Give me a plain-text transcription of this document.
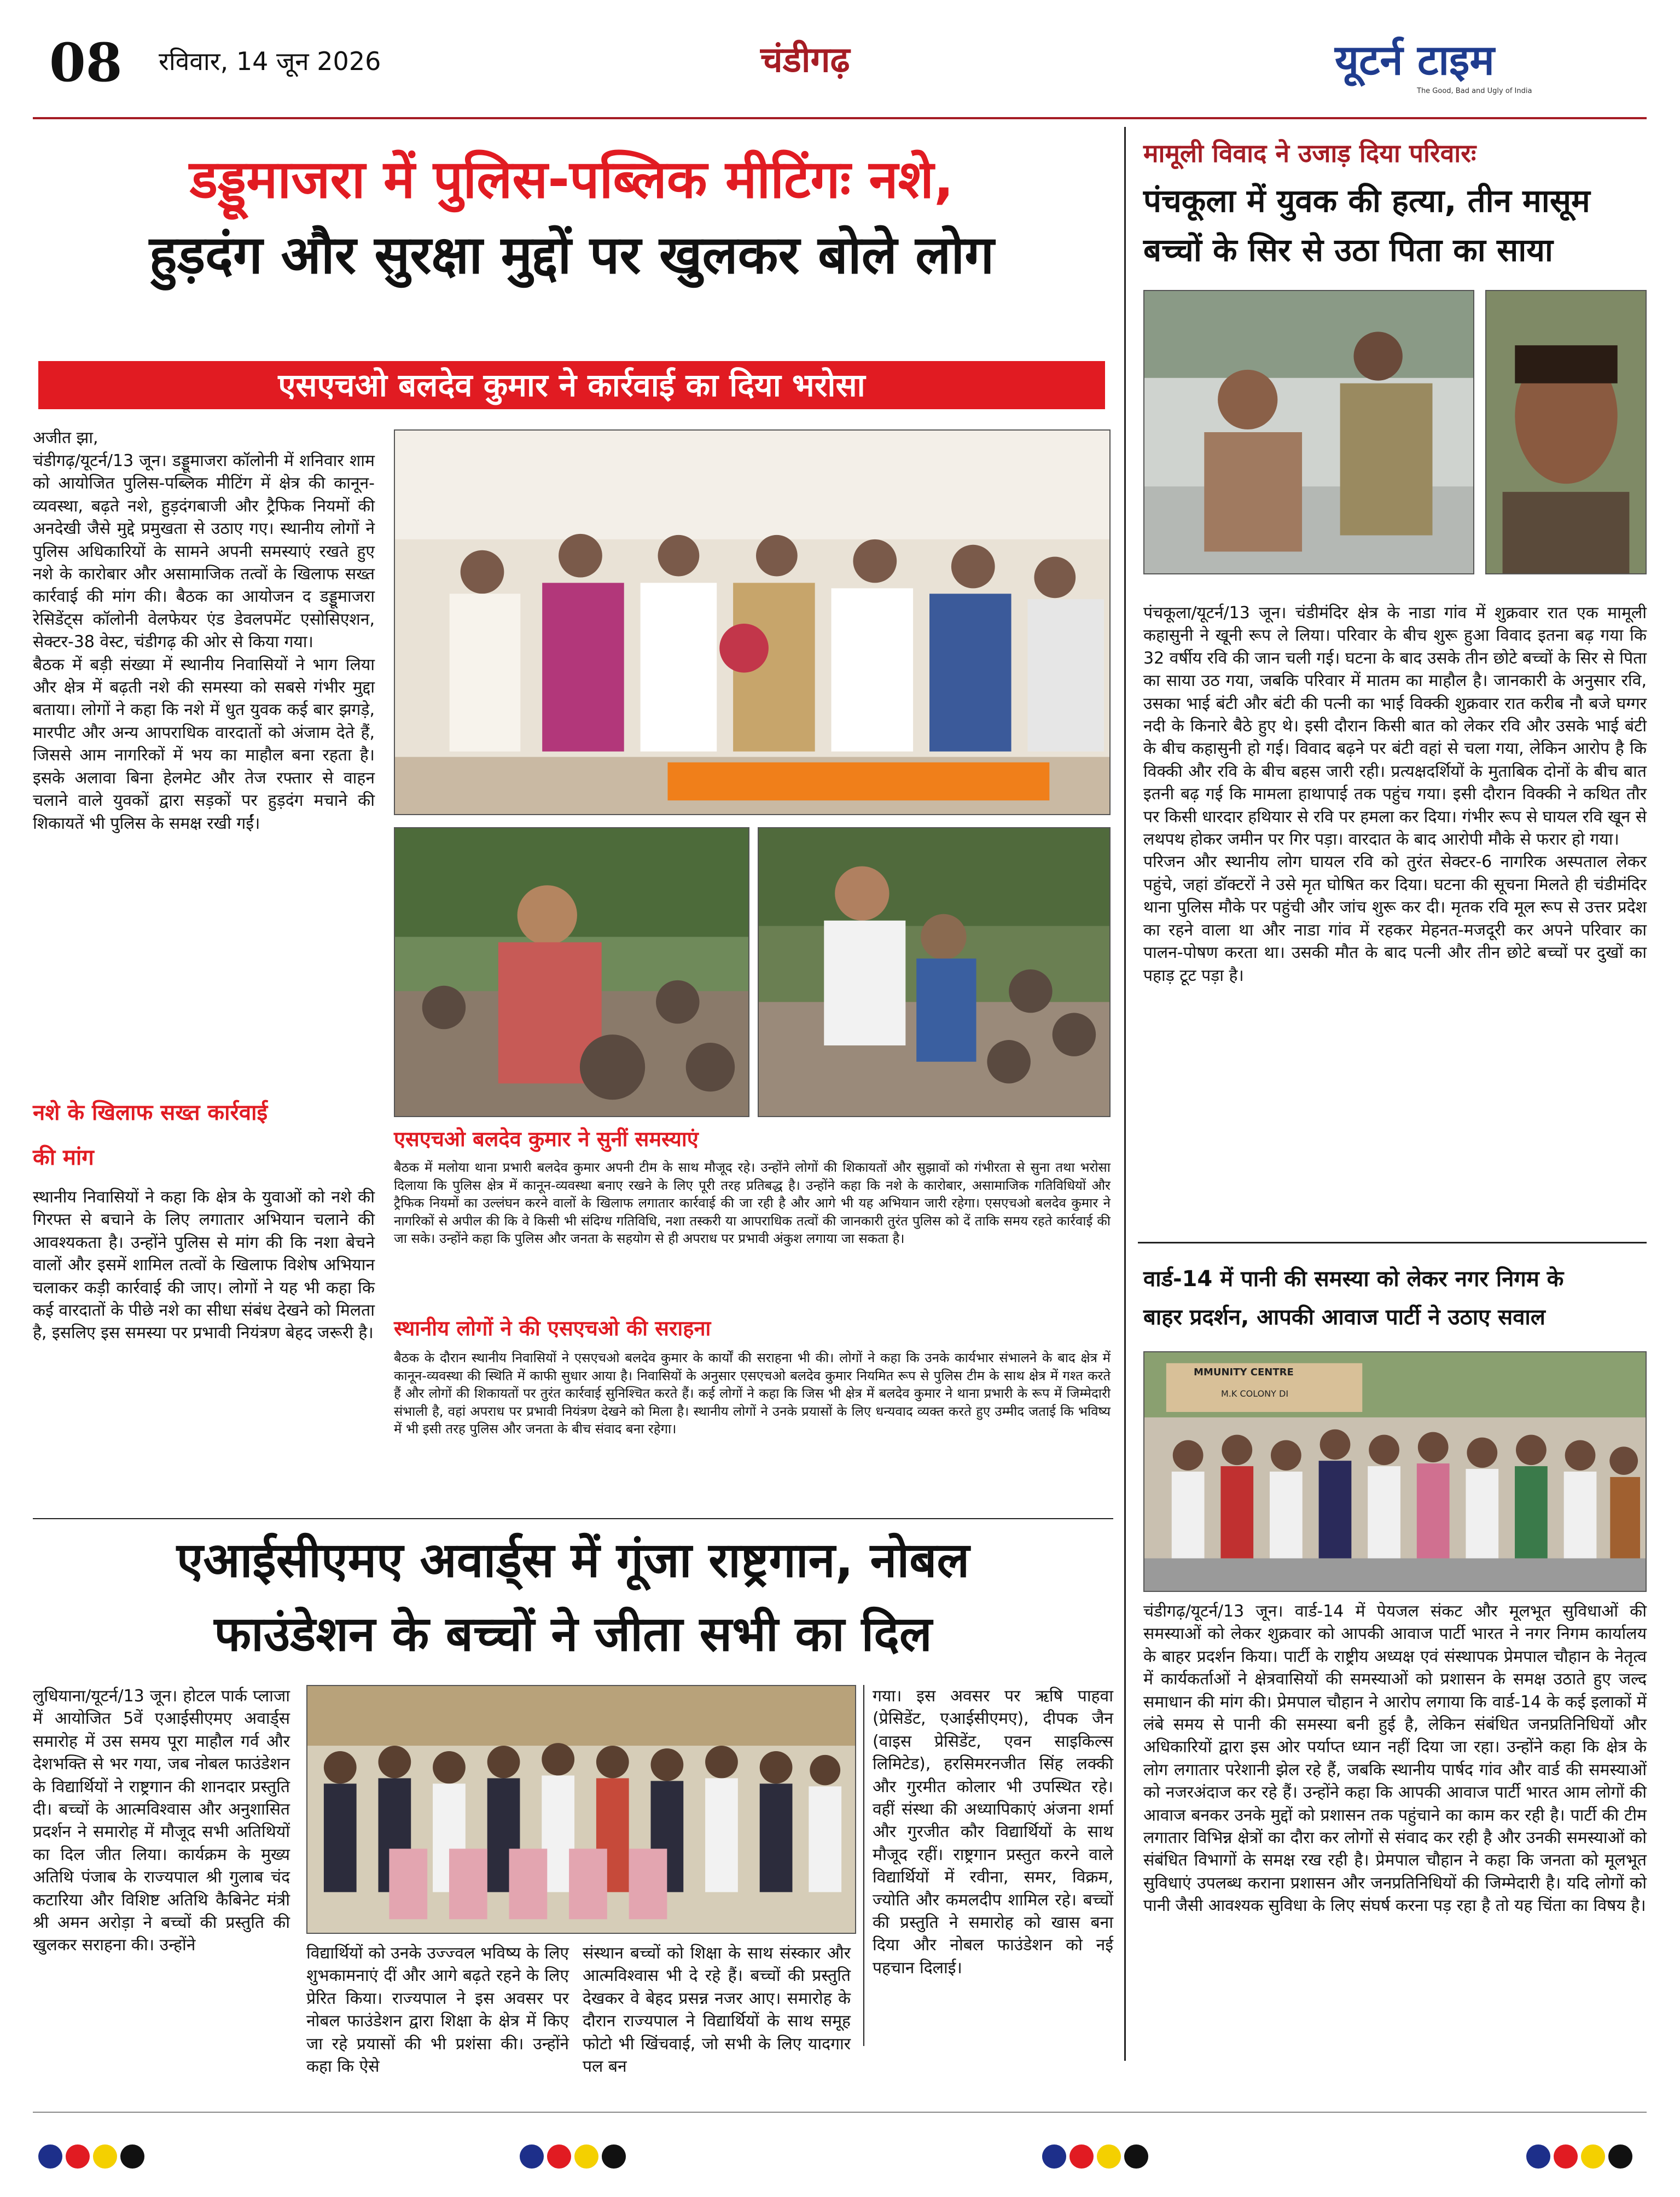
08 रविवार, 14 जून 2026	चंडीगढ़	यूटर्न टाइम
The Good, Bad and Ugly of India
डड्डूमाजरा में पुलिस-पब्लिक मीटिंगः नशे,
हुड़दंग और सुरक्षा मुद्दों पर खुलकर बोले लोग
एसएचओ बलदेव कुमार ने कार्रवाई का दिया भरोसा
अजीत झा,
चंडीगढ़/यूटर्न/13 जून। डड्डूमाजरा कॉलोनी में शनिवार शाम को आयोजित पुलिस-पब्लिक मीटिंग में क्षेत्र की कानून-व्यवस्था, बढ़ते नशे, हुड़दंगबाजी और ट्रैफिक नियमों की अनदेखी जैसे मुद्दे प्रमुखता से उठाए गए। स्थानीय लोगों ने पुलिस अधिकारियों के सामने अपनी समस्याएं रखते हुए नशे के कारोबार और असामाजिक तत्वों के खिलाफ सख्त कार्रवाई की मांग की। बैठक का आयोजन द डड्डूमाजरा रेसिडेंट्स कॉलोनी वेलफेयर एंड डेवलपमेंट एसोसिएशन, सेक्टर-38 वेस्ट, चंडीगढ़ की ओर से किया गया।
बैठक में बड़ी संख्या में स्थानीय निवासियों ने भाग लिया और क्षेत्र में बढ़ती नशे की समस्या को सबसे गंभीर मुद्दा बताया। लोगों ने कहा कि नशे में धुत युवक कई बार झगड़े, मारपीट और अन्य आपराधिक वारदातों को अंजाम देते हैं, जिससे आम नागरिकों में भय का माहौल बना रहता है। इसके अलावा बिना हेलमेट और तेज रफ्तार से वाहन चलाने वाले युवकों द्वारा सड़कों पर हुड़दंग मचाने की शिकायतें भी पुलिस के समक्ष रखी गईं।
नशे के खिलाफ सख्त कार्रवाई
की मांग
स्थानीय निवासियों ने कहा कि क्षेत्र के युवाओं को नशे की गिरफ्त से बचाने के लिए लगातार अभियान चलाने की आवश्यकता है। उन्होंने पुलिस से मांग की कि नशा बेचने वालों और इसमें शामिल तत्वों के खिलाफ विशेष अभियान चलाकर कड़ी कार्रवाई की जाए। लोगों ने यह भी कहा कि कई वारदातों के पीछे नशे का सीधा संबंध देखने को मिलता है, इसलिए इस समस्या पर प्रभावी नियंत्रण बेहद जरूरी है।
एसएचओ बलदेव कुमार ने सुनीं समस्याएं
बैठक में मलोया थाना प्रभारी बलदेव कुमार अपनी टीम के साथ मौजूद रहे। उन्होंने लोगों की शिकायतों और सुझावों को गंभीरता से सुना तथा भरोसा दिलाया कि पुलिस क्षेत्र में कानून-व्यवस्था बनाए रखने के लिए पूरी तरह प्रतिबद्ध है। उन्होंने कहा कि नशे के कारोबार, असामाजिक गतिविधियों और ट्रैफिक नियमों का उल्लंघन करने वालों के खिलाफ लगातार कार्रवाई की जा रही है और आगे भी यह अभियान जारी रहेगा। एसएचओ बलदेव कुमार ने नागरिकों से अपील की कि वे किसी भी संदिग्ध गतिविधि, नशा तस्करी या आपराधिक तत्वों की जानकारी तुरंत पुलिस को दें ताकि समय रहते कार्रवाई की जा सके। उन्होंने कहा कि पुलिस और जनता के सहयोग से ही अपराध पर प्रभावी अंकुश लगाया जा सकता है।
स्थानीय लोगों ने की एसएचओ की सराहना
बैठक के दौरान स्थानीय निवासियों ने एसएचओ बलदेव कुमार के कार्यों की सराहना भी की। लोगों ने कहा कि उनके कार्यभार संभालने के बाद क्षेत्र में कानून-व्यवस्था की स्थिति में काफी सुधार आया है। निवासियों के अनुसार एसएचओ बलदेव कुमार नियमित रूप से पुलिस टीम के साथ क्षेत्र में गश्त करते हैं और लोगों की शिकायतों पर तुरंत कार्रवाई सुनिश्चित करते हैं। कई लोगों ने कहा कि जिस भी क्षेत्र में बलदेव कुमार ने थाना प्रभारी के रूप में जिम्मेदारी संभाली है, वहां अपराध पर प्रभावी नियंत्रण देखने को मिला है। स्थानीय लोगों ने उनके प्रयासों के लिए धन्यवाद व्यक्त करते हुए उम्मीद जताई कि भविष्य में भी इसी तरह पुलिस और जनता के बीच संवाद बना रहेगा।
मामूली विवाद ने उजाड़ दिया परिवारः
पंचकूला में युवक की हत्या, तीन मासूम
बच्चों के सिर से उठा पिता का साया
पंचकूला/यूटर्न/13 जून। चंडीमंदिर क्षेत्र के नाडा गांव में शुक्रवार रात एक मामूली कहासुनी ने खूनी रूप ले लिया। परिवार के बीच शुरू हुआ विवाद इतना बढ़ गया कि 32 वर्षीय रवि की जान चली गई। घटना के बाद उसके तीन छोटे बच्चों के सिर से पिता का साया उठ गया, जबकि परिवार में मातम का माहौल है। जानकारी के अनुसार रवि, उसका भाई बंटी और बंटी की पत्नी का भाई विक्की शुक्रवार रात करीब नौ बजे घग्गर नदी के किनारे बैठे हुए थे। इसी दौरान किसी बात को लेकर रवि और उसके भाई बंटी के बीच कहासुनी हो गई। विवाद बढ़ने पर बंटी वहां से चला गया, लेकिन आरोप है कि विक्की और रवि के बीच बहस जारी रही। प्रत्यक्षदर्शियों के मुताबिक दोनों के बीच बात इतनी बढ़ गई कि मामला हाथापाई तक पहुंच गया। इसी दौरान विक्की ने कथित तौर पर किसी धारदार हथियार से रवि पर हमला कर दिया। गंभीर रूप से घायल रवि खून से लथपथ होकर जमीन पर गिर पड़ा। वारदात के बाद आरोपी मौके से फरार हो गया।
परिजन और स्थानीय लोग घायल रवि को तुरंत सेक्टर-6 नागरिक अस्पताल लेकर पहुंचे, जहां डॉक्टरों ने उसे मृत घोषित कर दिया। घटना की सूचना मिलते ही चंडीमंदिर थाना पुलिस मौके पर पहुंची और जांच शुरू कर दी। मृतक रवि मूल रूप से उत्तर प्रदेश का रहने वाला था और नाडा गांव में रहकर मेहनत-मजदूरी कर अपने परिवार का पालन-पोषण करता था। उसकी मौत के बाद पत्नी और तीन छोटे बच्चों पर दुखों का पहाड़ टूट पड़ा है।
वार्ड-14 में पानी की समस्या को लेकर नगर निगम के
बाहर प्रदर्शन, आपकी आवाज पार्टी ने उठाए सवाल
MMUNITY CENTRE
M.K COLONY DI
चंडीगढ़/यूटर्न/13 जून। वार्ड-14 में पेयजल संकट और मूलभूत सुविधाओं की समस्याओं को लेकर शुक्रवार को आपकी आवाज पार्टी भारत ने नगर निगम कार्यालय के बाहर प्रदर्शन किया। पार्टी के राष्ट्रीय अध्यक्ष एवं संस्थापक प्रेमपाल चौहान के नेतृत्व में कार्यकर्ताओं ने क्षेत्रवासियों की समस्याओं को प्रशासन के समक्ष उठाते हुए जल्द समाधान की मांग की। प्रेमपाल चौहान ने आरोप लगाया कि वार्ड-14 के कई इलाकों में लंबे समय से पानी की समस्या बनी हुई है, लेकिन संबंधित जनप्रतिनिधियों और अधिकारियों द्वारा इस ओर पर्याप्त ध्यान नहीं दिया जा रहा। उन्होंने कहा कि क्षेत्र के लोग लगातार परेशानी झेल रहे हैं, जबकि स्थानीय पार्षद गांव और वार्ड की समस्याओं को नजरअंदाज कर रहे हैं। उन्होंने कहा कि आपकी आवाज पार्टी भारत आम लोगों की आवाज बनकर उनके मुद्दों को प्रशासन तक पहुंचाने का काम कर रही है। पार्टी की टीम लगातार विभिन्न क्षेत्रों का दौरा कर लोगों से संवाद कर रही है और उनकी समस्याओं को संबंधित विभागों के समक्ष रख रही है। प्रेमपाल चौहान ने कहा कि जनता को मूलभूत सुविधाएं उपलब्ध कराना प्रशासन और जनप्रतिनिधियों की जिम्मेदारी है। यदि लोगों को पानी जैसी आवश्यक सुविधा के लिए संघर्ष करना पड़ रहा है तो यह चिंता का विषय है।
एआईसीएमए अवार्ड्स में गूंजा राष्ट्रगान, नोबल
फाउंडेशन के बच्चों ने जीता सभी का दिल
लुधियाना/यूटर्न/13 जून। होटल पार्क प्लाजा में आयोजित 5वें एआईसीएमए अवार्ड्स समारोह में उस समय पूरा माहौल गर्व और देशभक्ति से भर गया, जब नोबल फाउंडेशन के विद्यार्थियों ने राष्ट्रगान की शानदार प्रस्तुति दी। बच्चों के आत्मविश्वास और अनुशासित प्रदर्शन ने समारोह में मौजूद सभी अतिथियों का दिल जीत लिया। कार्यक्रम के मुख्य अतिथि पंजाब के राज्यपाल श्री गुलाब चंद कटारिया और विशिष्ट अतिथि कैबिनेट मंत्री श्री अमन अरोड़ा ने बच्चों की प्रस्तुति की खुलकर सराहना की। उन्होंने	विद्यार्थियों को उनके उज्ज्वल भविष्य के लिए शुभकामनाएं दीं और आगे बढ़ते रहने के लिए प्रेरित किया। राज्यपाल ने इस अवसर पर नोबल फाउंडेशन द्वारा शिक्षा के क्षेत्र में किए जा रहे प्रयासों की भी प्रशंसा की। उन्होंने कहा कि ऐसे
संस्थान बच्चों को शिक्षा के साथ संस्कार और आत्मविश्वास भी दे रहे हैं। बच्चों की प्रस्तुति देखकर वे बेहद प्रसन्न नजर आए। समारोह के दौरान राज्यपाल ने विद्यार्थियों के साथ समूह फोटो भी खिंचवाई, जो सभी के लिए यादगार पल बन
गया। इस अवसर पर ऋषि पाहवा (प्रेसिडेंट, एआईसीएमए), दीपक जैन (वाइस प्रेसिडेंट, एवन साइकिल्स लिमिटेड), हरसिमरनजीत सिंह लक्की और गुरमीत कोलार भी उपस्थित रहे। वहीं संस्था की अध्यापिकाएं अंजना शर्मा और गुरजीत कौर विद्यार्थियों के साथ मौजूद रहीं। राष्ट्रगान प्रस्तुत करने वाले विद्यार्थियों में रवीना, समर, विक्रम, ज्योति और कमलदीप शामिल रहे। बच्चों की प्रस्तुति ने समारोह को खास बना दिया और नोबल फाउंडेशन को नई पहचान दिलाई।
